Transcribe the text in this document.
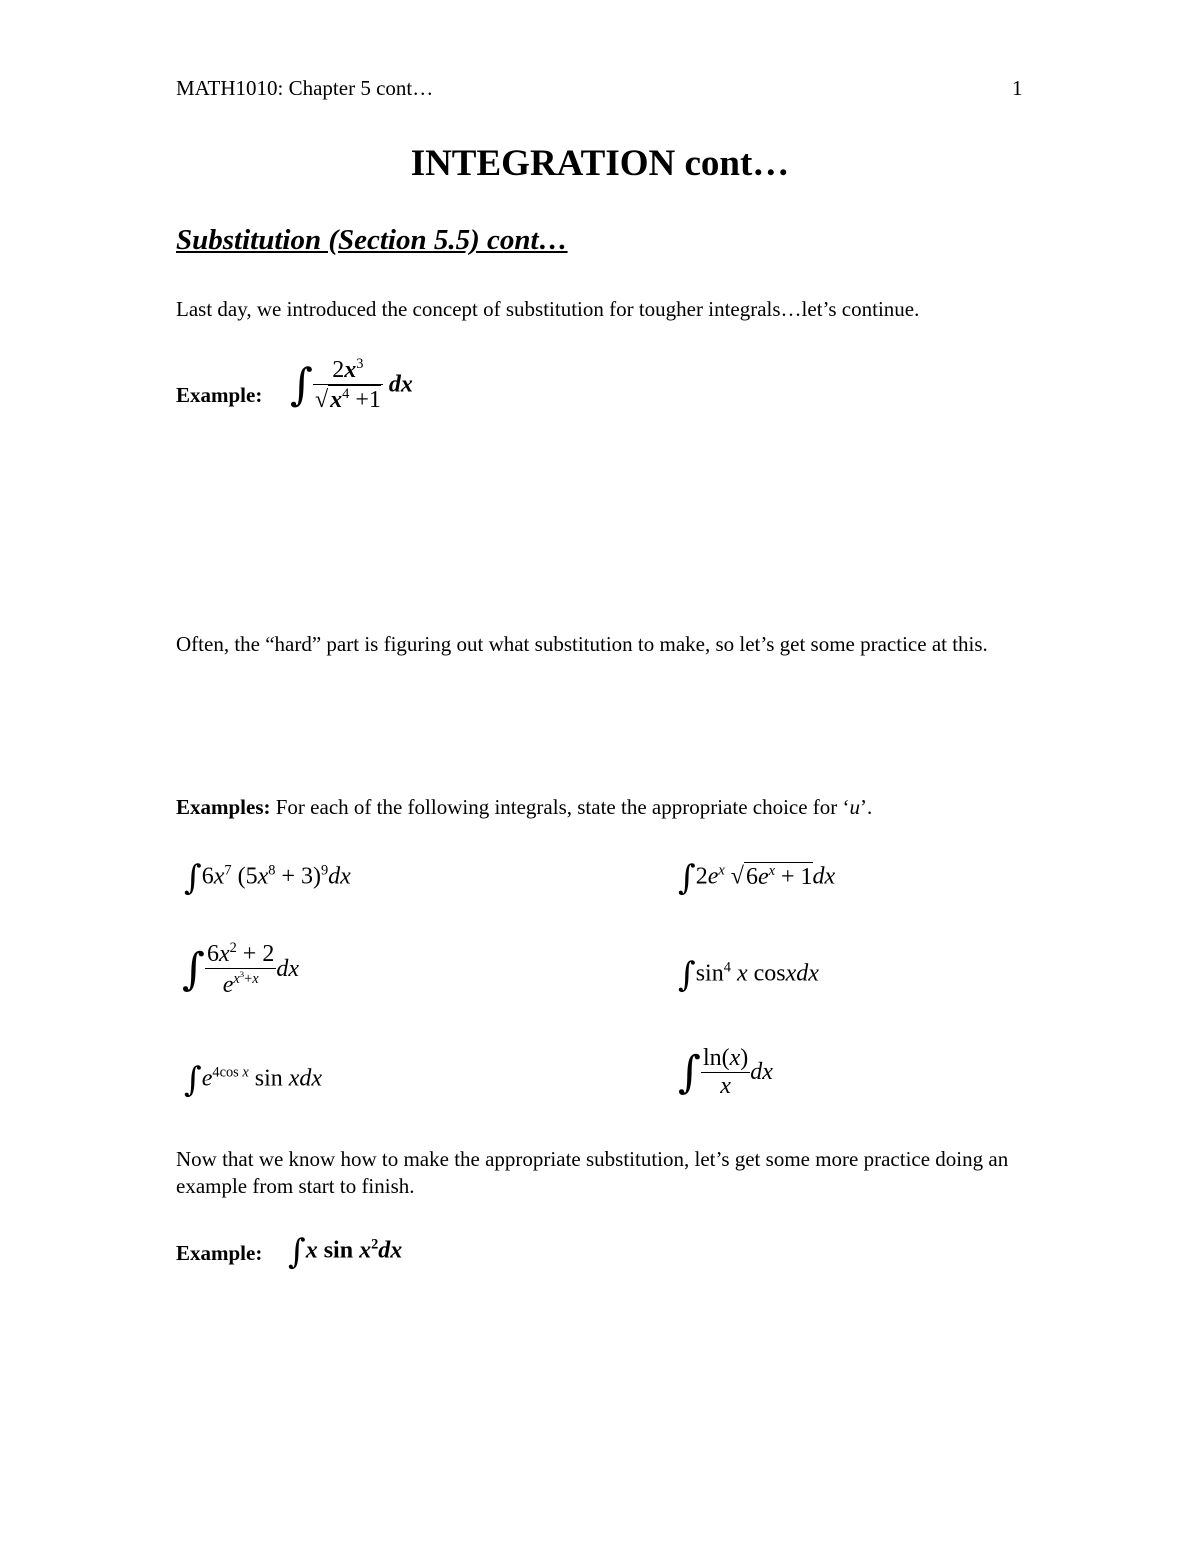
MATH1010: Chapter 5 cont…	1
INTEGRATION cont…
Substitution (Section 5.5) cont…
Last day, we introduced the concept of substitution for tougher integrals…let’s continue.
Example: ∫ $\frac{2x^3}{√x^4 +1}$ dx
Often, the “hard” part is figuring out what substitution to make, so let’s get some practice at this.
Examples: For each of the following integrals, state the appropriate choice for ‘u’.
$\int 6x^7$ $(5x^8 + 3)^9dx$	$\int 2e^x$ $√6e^x + 1dx$
∫ $\frac{6x^2 + 2}{e^{x^3+x}}$ dx	$\int\sin^4$ x cosxdx
$\int e^{4cos x}$ sin xdx	∫ $\frac{\ln(x)}{x}$ dx
Now that we know how to make the appropriate substitution, let’s get some more practice doing an example from start to finish.
Example: ∫x $\sin x^2dx$
